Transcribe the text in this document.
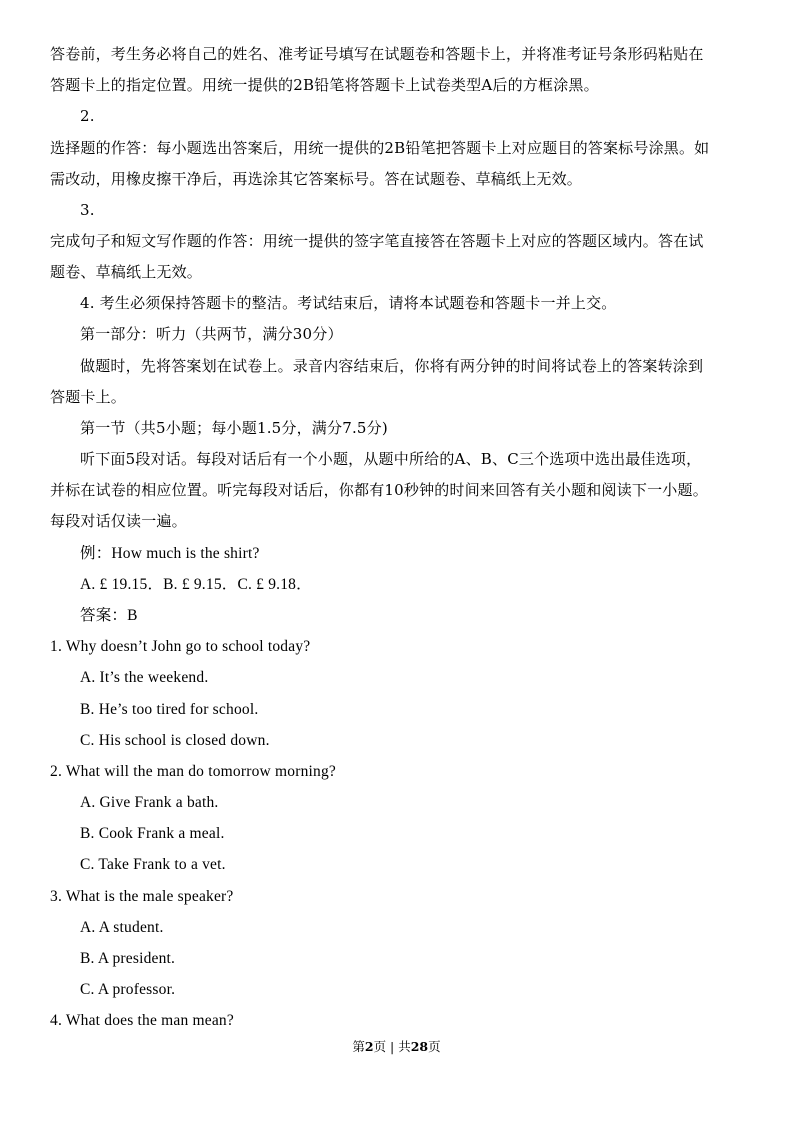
答卷前，考生务必将自己的姓名、准考证号填写在试题卷和答题卡上，并将准考证号条形码粘贴在
答题卡上的指定位置。用统一提供的2B铅笔将答题卡上试卷类型A后的方框涂黑。
2.
选择题的作答：每小题选出答案后，用统一提供的2B铅笔把答题卡上对应题目的答案标号涂黑。如
需改动，用橡皮擦干净后，再选涂其它答案标号。答在试题卷、草稿纸上无效。
3.
完成句子和短文写作题的作答：用统一提供的签字笔直接答在答题卡上对应的答题区域内。答在试
题卷、草稿纸上无效。
4. 考生必须保持答题卡的整洁。考试结束后，请将本试题卷和答题卡一并上交。
第一部分：听力（共两节，满分30分）
做题时，先将答案划在试卷上。录音内容结束后，你将有两分钟的时间将试卷上的答案转涂到
答题卡上。
第一节（共5小题；每小题1.5分，满分7.5分)
听下面5段对话。每段对话后有一个小题，从题中所给的A、B、C三个选项中选出最佳选项，
并标在试卷的相应位置。听完每段对话后，你都有10秒钟的时间来回答有关小题和阅读下一小题。
每段对话仅读一遍。
例：How much is the shirt?
A. £ 19.15．B. £ 9.15．C. £ 9.18．
答案：B
1. Why doesn’t John go to school today?
A. It’s the weekend.
B. He’s too tired for school.
C. His school is closed down.
2. What will the man do tomorrow morning?
A. Give Frank a bath.
B. Cook Frank a meal.
C. Take Frank to a vet.
3. What is the male speaker?
A. A student.
B. A president.
C. A professor.
4. What does the man mean?
第2页 | 共28页
